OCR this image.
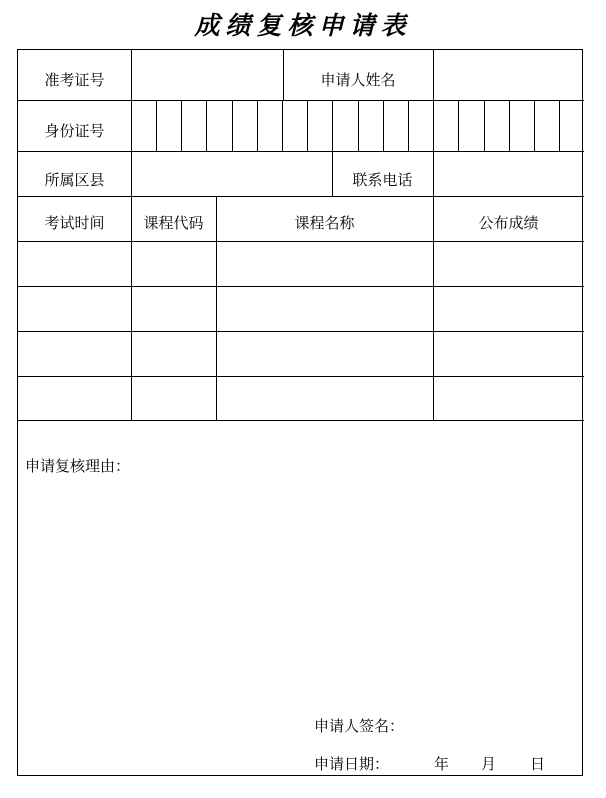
成绩复核申请表
准考证号	申请人姓名
身份证号
所属区县	联系电话
考试时间	课程代码	课程名称	公布成绩
申请复核理由：
申请人签名：
申请日期：	年 月 日
